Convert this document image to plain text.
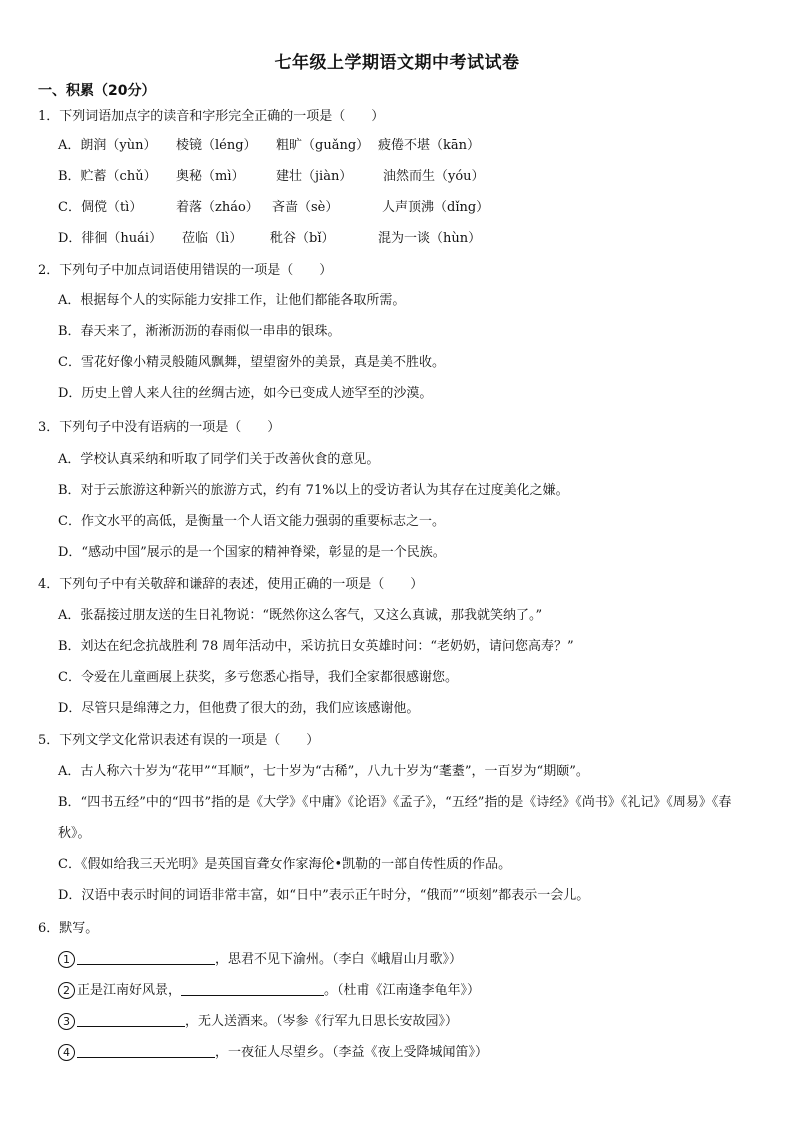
七年级上学期语文期中考试试卷
一、积累（20分）
1．下列词语加点字的读音和字形完全正确的一项是（　　）
A．朗润（yùn） 棱镜（léng） 粗旷（guǎng） 疲倦不堪（kān）
B．贮蓄（chǔ） 奥秘（mì） 建壮（jiàn） 油然而生（yóu）
C．倜傥（tì）	着落（zháo） 吝啬（sè）	人声顶沸（dǐng）
D．徘徊（huái） 莅临（lì） 秕谷（bǐ）	混为一谈（hùn）
2．下列句子中加点词语使用错误的一项是（　　）
A．根据每个人的实际能力安排工作，让他们都能各取所需。
B．春天来了，淅淅沥沥的春雨似一串串的银珠。
C．雪花好像小精灵般随风飘舞，望望窗外的美景，真是美不胜收。
D．历史上曾人来人往的丝绸古迹，如今已变成人迹罕至的沙漠。
3．下列句子中没有语病的一项是（　　）
A．学校认真采纳和听取了同学们关于改善伙食的意见。
B．对于云旅游这种新兴的旅游方式，约有 71%以上的受访者认为其存在过度美化之嫌。
C．作文水平的高低，是衡量一个人语文能力强弱的重要标志之一。
D．“感动中国”展示的是一个国家的精神脊梁，彰显的是一个民族。
4．下列句子中有关敬辞和谦辞的表述，使用正确的一项是（　　）
A．张磊接过朋友送的生日礼物说：“既然你这么客气，又这么真诚，那我就笑纳了。”
B．刘达在纪念抗战胜利 78 周年活动中，采访抗日女英雄时问：“老奶奶，请问您高寿？”
C．令爱在儿童画展上获奖，多亏您悉心指导，我们全家都很感谢您。
D．尽管只是绵薄之力，但他费了很大的劲，我们应该感谢他。
5．下列文学文化常识表述有误的一项是（　　）
A．古人称六十岁为“花甲”“耳顺”，七十岁为“古稀”，八九十岁为“耄耋”，一百岁为“期颐”。
B．“四书五经”中的“四书”指的是《大学》《中庸》《论语》《孟子》，“五经”指的是《诗经》《尚书》《礼记》《周易》《春秋》。
C．《假如给我三天光明》是英国盲聋女作家海伦•凯勒的一部自传性质的作品。
D．汉语中表示时间的词语非常丰富，如“日中”表示正午时分，“俄而”“顷刻”都表示一会儿。
6．默写。
1	，思君不见下渝州。（李白《峨眉山月歌》）
2 正是江南好风景，	。（杜甫《江南逢李龟年》）
3	，无人送酒来。（岑参《行军九日思长安故园》）
4	，一夜征人尽望乡。（李益《夜上受降城闻笛》）
